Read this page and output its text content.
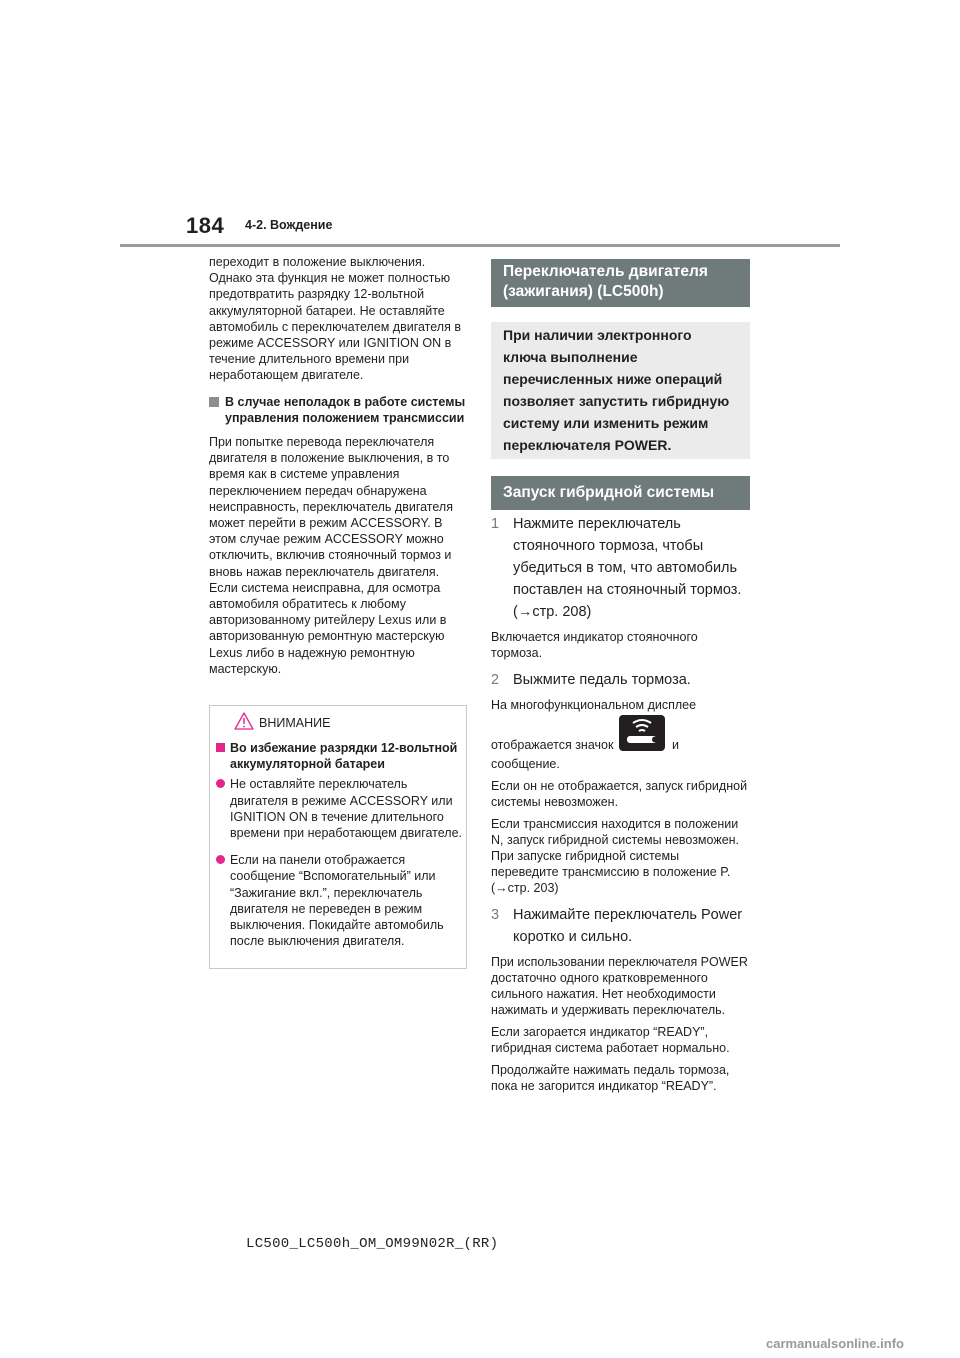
184 4-2. Вождение

переходит в положение выключения. Однако эта функция не может полностью предотвратить разрядку 12-вольтной аккумуляторной батареи. Не оставляйте автомобиль с переключателем двигателя в режиме ACCESSORY или IGNITION ON в течение длительного времени при неработающем двигателе.

В случае неполадок в работе системы управления положением трансмиссии

При попытке перевода переключателя двигателя в положение выключения, в то время как в системе управления переключением передач обнаружена неисправность, переключатель двигателя может перейти в режим ACCESSORY. В этом случае режим ACCESSORY можно отключить, включив стояночный тормоз и вновь нажав переключатель двигателя. Если система неисправна, для осмотра автомобиля обратитесь к любому авторизованному ритейлеру Lexus или в авторизованную ремонтную мастерскую Lexus либо в надежную ремонтную мастерскую.

ВНИМАНИЕ

Во избежание разрядки 12-вольтной аккумуляторной батареи

Не оставляйте переключатель двигателя в режиме ACCESSORY или IGNITION ON в течение длительного времени при неработающем двигателе.

Если на панели отображается сообщение “Вспомогательный” или “Зажигание вкл.”, переключатель двигателя не переведен в режим выключения. Покидайте автомобиль после выключения двигателя.

Переключатель двигателя (зажигания) (LC500h)
При наличии электронного ключа выполнение перечисленных ниже операций позволяет запустить гибридную систему или изменить режим переключателя POWER.
Запуск гибридной системы

1 Нажмите переключатель стояночного тормоза, чтобы убедиться в том, что автомобиль поставлен на стояночный тормоз. (→стр. 208)

Включается индикатор стояночного тормоза.

2 Выжмите педаль тормоза.

На многофункциональном дисплее

отображается значок	и

сообщение.

Если он не отображается, запуск гибридной системы невозможен.

Если трансмиссия находится в положении N, запуск гибридной системы невозможен. При запуске гибридной системы переведите трансмиссию в положение P. (→стр. 203)

3 Нажимайте переключатель Power коротко и сильно.

При использовании переключателя POWER достаточно одного кратковременного сильного нажатия. Нет необходимости нажимать и удерживать переключатель.

Если загорается индикатор “READY”, гибридная система работает нормально.

Продолжайте нажимать педаль тормоза, пока не загорится индикатор “READY”.

LC500_LC500h_OM_OM99N02R_(RR)
carmanualsonline.info
